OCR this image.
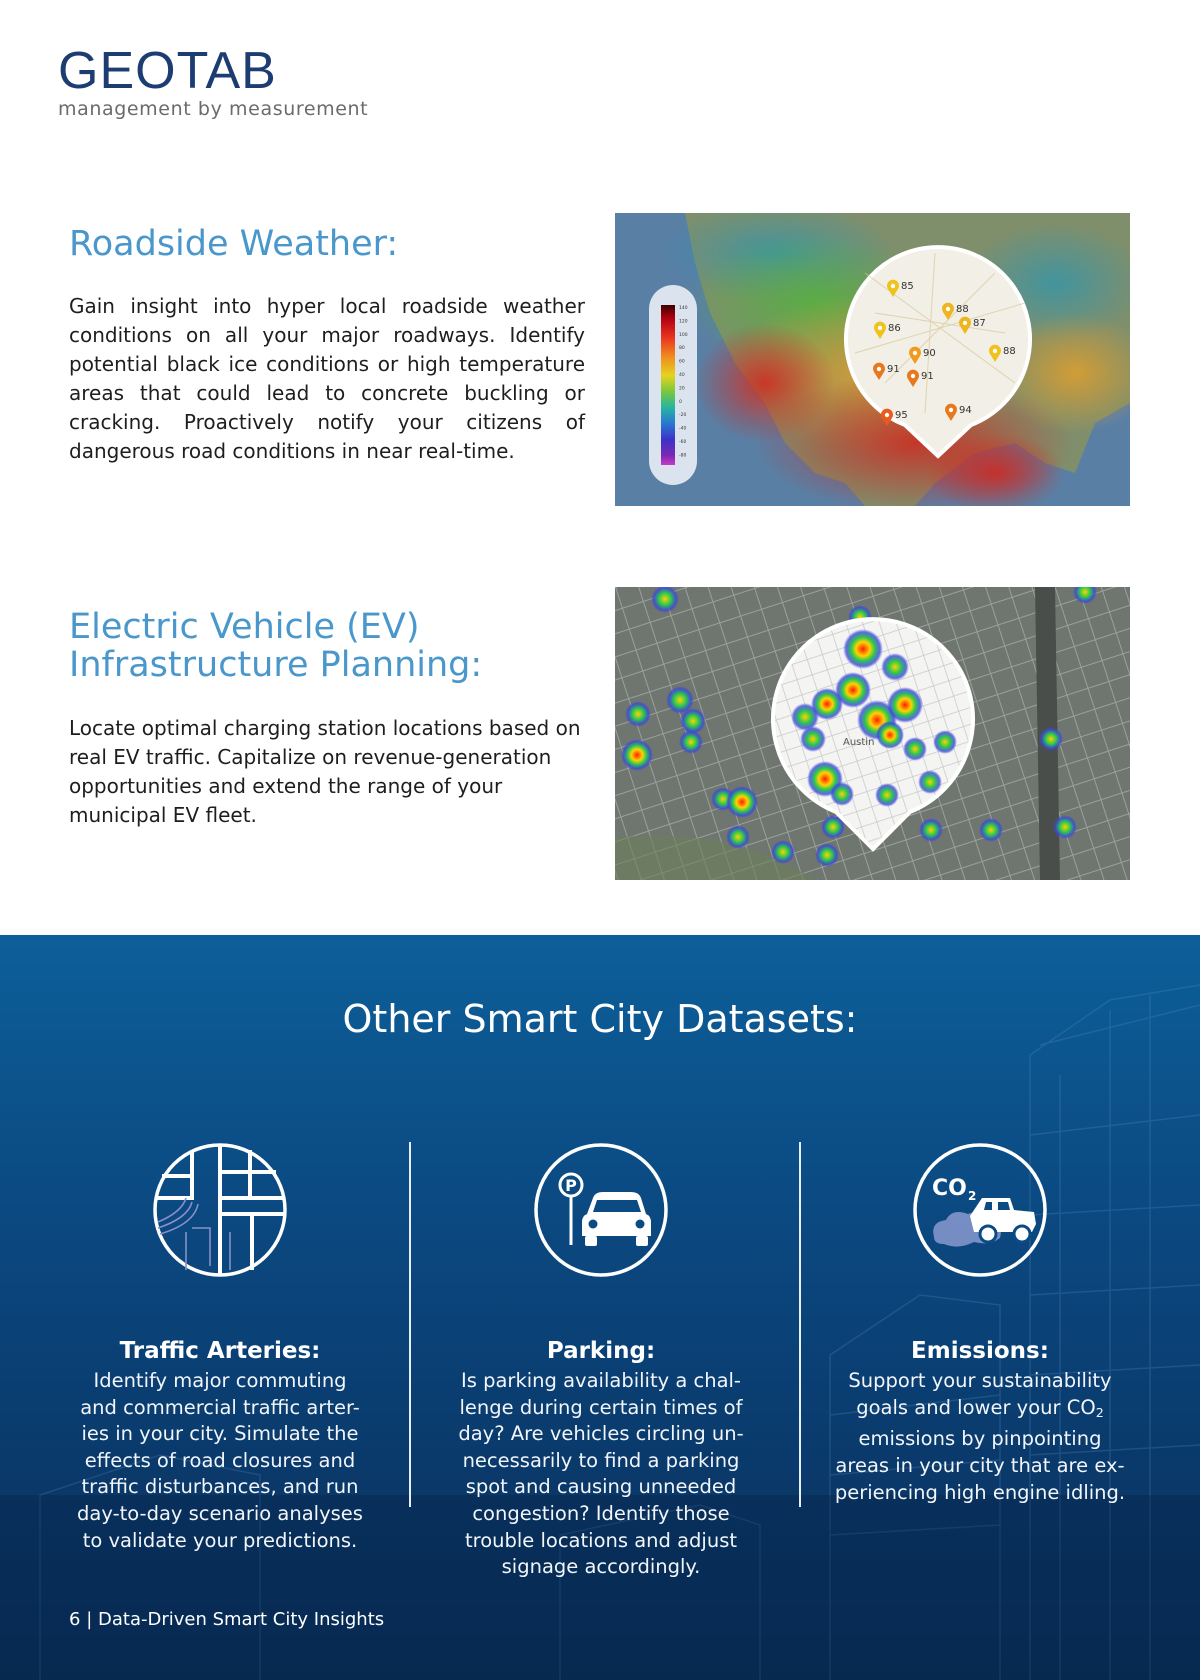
GEOTAB
management by measurement
Roadside Weather:

Gain insight into hyper local roadside weather conditions on all your major roadways. Identify potential black ice conditions or high temperature areas that could lead to concrete buckling or cracking. Proactively notify your citizens of dangerous road conditions in near real-time.

140
120
100
80
60
40
20
0
-20
-40
-60
-80
85
88
87
86
90	88
91
91
95	94
Electric Vehicle (EV)
Infrastructure Planning:

Locate optimal charging station locations based on real EV traffic. Capitalize on revenue-generation opportunities and extend the range of your municipal EV fleet.

Austin
Other Smart City Datasets:
P	CO 2
Traffic Arteries:
Identify major commuting
and commercial traffic arter-
ies in your city. Simulate the
effects of road closures and
traffic disturbances, and run
day-to-day scenario analyses
to validate your predictions.
Parking:
Is parking availability a chal-
lenge during certain times of
day? Are vehicles circling un-
necessarily to find a parking
spot and causing unneeded
congestion? Identify those
trouble locations and adjust
signage accordingly.
Emissions:
Support your sustainability
goals and lower your $CO_2$
emissions by pinpointing
areas in your city that are ex-
periencing high engine idling.
6 | Data-Driven Smart City Insights
